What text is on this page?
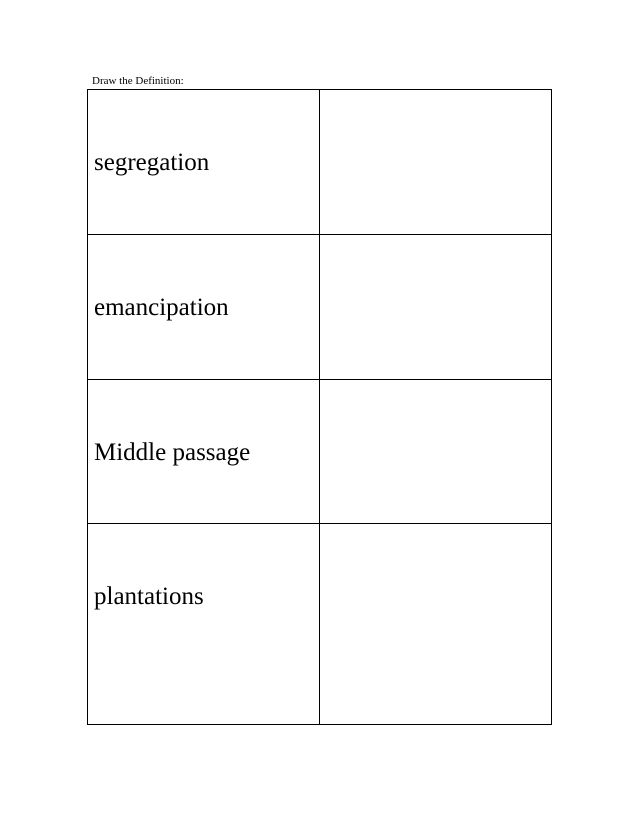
Draw the Definition:
segregation	

emancipation	

Middle passage	

plantations	
